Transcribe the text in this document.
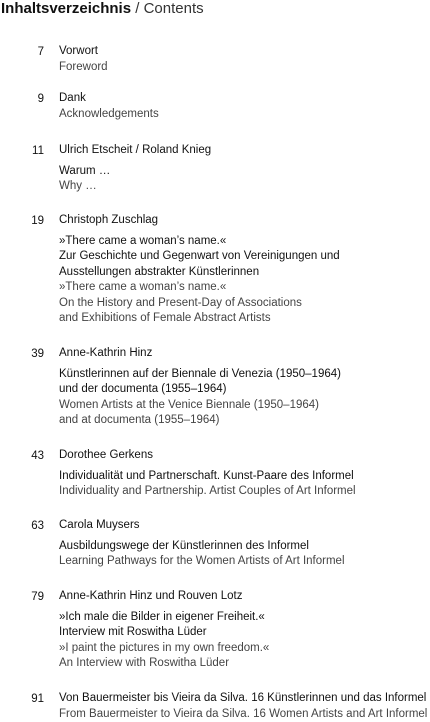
Inhaltsverzeichnis / Contents
7 Vorwort
Foreword
9 Dank
Acknowledgements
11 Ulrich Etscheit / Roland Knieg
Warum …
Why …
19 Christoph Zuschlag
»There came a woman’s name.«
Zur Geschichte und Gegenwart von Vereinigungen und
Ausstellungen abstrakter Künstlerinnen
»There came a woman’s name.«
On the History and Present-Day of Associations
and Exhibitions of Female Abstract Artists
39 Anne-Kathrin Hinz
Künstlerinnen auf der Biennale di Venezia (1950–1964)
und der documenta (1955–1964)
Women Artists at the Venice Biennale (1950–1964)
and at documenta (1955–1964)
43 Dorothee Gerkens
Individualität und Partnerschaft. Kunst-Paare des Informel
Individuality and Partnership. Artist Couples of Art Informel
63 Carola Muysers
Ausbildungswege der Künstlerinnen des Informel
Learning Pathways for the Women Artists of Art Informel
79 Anne-Kathrin Hinz und Rouven Lotz
»Ich male die Bilder in eigener Freiheit.«
Interview mit Roswitha Lüder
»I paint the pictures in my own freedom.«
An Interview with Roswitha Lüder
91 Von Bauermeister bis Vieira da Silva. 16 Künstlerinnen und das Informel
From Bauermeister to Vieira da Silva. 16 Women Artists and Art Informel
